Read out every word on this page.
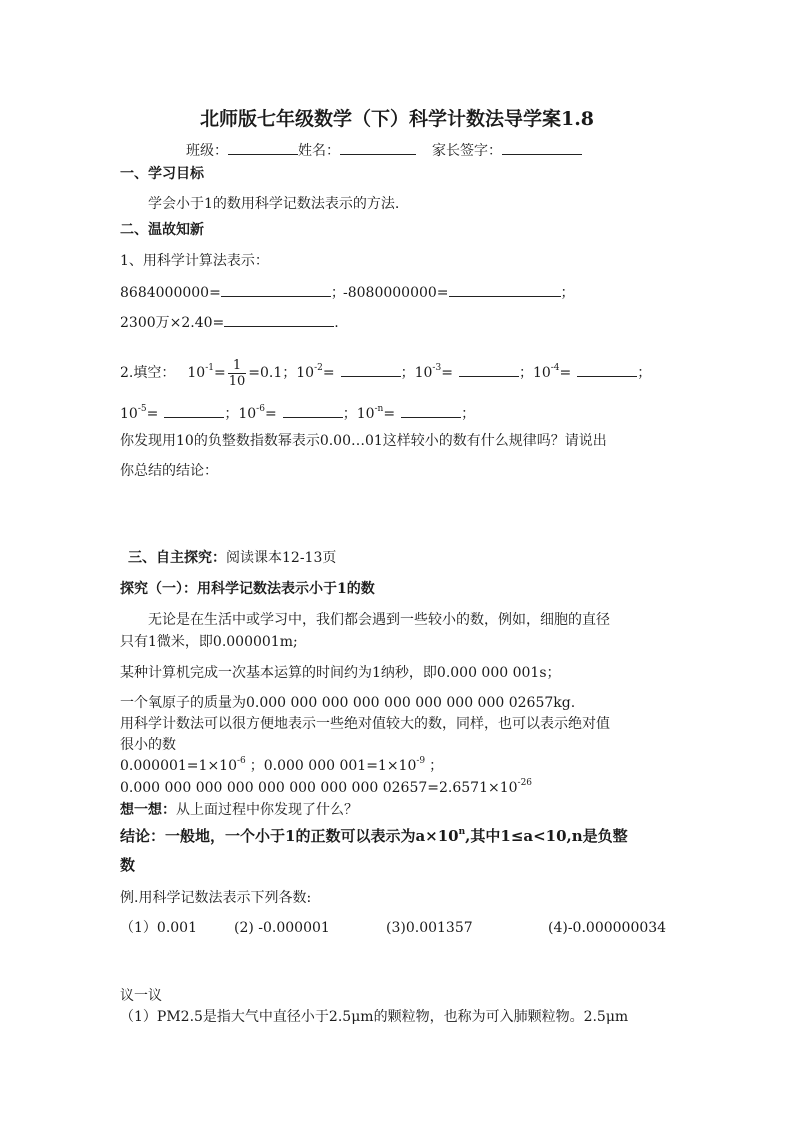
北师版七年级数学（下）科学计数法导学案1.8
班级：	姓名：	家长签字：
一、学习目标
学会小于1的数用科学记数法表示的方法.
二、温故知新
1、用科学计算法表示：
8684000000=	；
-8080000000=	；
2300万×2.40=	.
2.填空： $10^{-1}= \frac{1}{10} =0.1$；$10^{-2}=$	；$10^{-3}=$	；$10^{-4}=$	；
$10^{-5}=$	；$10^{-6}=$	；$10^{-n}=$	；
你发现用10的负整数指数幂表示0.00…01这样较小的数有什么规律吗？请说出
你总结的结论：
三、自主探究：阅读课本12-13页
探究（一）：用科学记数法表示小于1的数
无论是在生活中或学习中，我们都会遇到一些较小的数，例如，细胞的直径
只有1微米，即0.000001m;
某种计算机完成一次基本运算的时间约为1纳秒，即0.000 000 001s；
一个氧原子的质量为0.000 000 000 000 000 000 000 000 02657kg.
用科学计数法可以很方便地表示一些绝对值较大的数，同样，也可以表示绝对值
很小的数
$0.000001=1\times 10^{-6}$ ；0.000 000 $001=1\times 10^{-9}$ ；
0.000 000 000 000 000 000 000 000 $02657=2.6571\times 10^{-26}$
想一想：从上面过程中你发现了什么？
结论：一般地，一个小于1的正数可以表示为$a\times 10^n$,其中1≤a<10,n是负整
数
例.用科学记数法表示下列各数:
（1）0.001	(2) -0.000001	(3)0.001357	(4)-0.000000034
议一议
（1）PM2.5是指大气中直径小于2.5μm的颗粒物，也称为可入肺颗粒物。2.5μm
